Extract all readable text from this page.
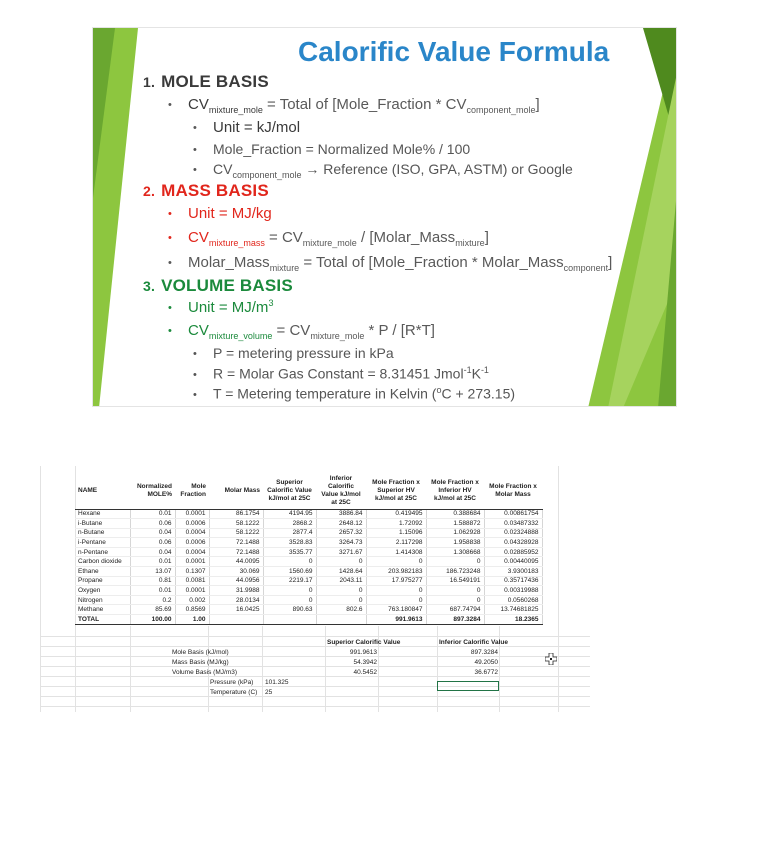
Calorific Value Formula
1. MOLE BASIS
• $CV_{mixture\_mole}$ = Total of [Mole_Fraction * $CV_{component\_mole}$]
• Unit = kJ/mol
• Mole_Fraction = Normalized Mole% / 100
• $CV_{component\_mole}$ → Reference (ISO, GPA, ASTM) or Google
2. MASS BASIS
• Unit = MJ/kg
• $CV_{mixture\_mass} = CV_{mixture\_mole}$ / [Molar_Mass$_{mixture}$]
• Molar_Mass$_{mixture}$ = Total of [Mole_Fraction * Molar_Mass$_{component}$]
3. VOLUME BASIS
• Unit = $MJ/m^3$
• $CV_{mixture\_volume} = CV_{mixture\_mole} * P / [R*T]$
• P = metering pressure in kPa
• R = Molar Gas Constant = 8.31451 $Jmol^{-1}K^{-1}$
• T = Metering temperature in Kelvin ($^o$C + 273.15)
NAME	Normalized MOLE%	Mole Fraction	Molar Mass	Superior Calorific Value kJ/mol at 25C	Inferior Calorific Value kJ/mol at 25C	Mole Fraction x Superior HV kJ/mol at 25C	Mole Fraction x Inferior HV kJ/mol at 25C	Mole Fraction x Molar Mass
Hexane	0.01	0.0001	86.1754	4194.95	3886.84	0.419495	0.388684	0.00861754
i-Butane	0.06	0.0006	58.1222	2868.2	2648.12	1.72092	1.588872	0.03487332
n-Butane	0.04	0.0004	58.1222	2877.4	2657.32	1.15096	1.062928	0.02324888
i-Pentane	0.06	0.0006	72.1488	3528.83	3264.73	2.117298	1.958838	0.04328928
n-Pentane	0.04	0.0004	72.1488	3535.77	3271.67	1.414308	1.308668	0.02885952
Carbon dioxide	0.01	0.0001	44.0095	0	0	0	0	0.00440095
Ethane	13.07	0.1307	30.069	1560.69	1428.64	203.982183	186.723248	3.9300183
Propane	0.81	0.0081	44.0956	2219.17	2043.11	17.975277	16.549191	0.35717436
Oxygen	0.01	0.0001	31.9988	0	0	0	0	0.00319988
Nitrogen	0.2	0.002	28.0134	0	0	0	0	0.0560268
Methane	85.69	0.8569	16.0425	890.63	802.6	763.180847	687.74794	13.74681825
TOTAL	100.00	1.00				991.9613	897.3284	18.2365
Superior Calorific Value	Inferior Calorific Value
Mole Basis (kJ/mol)	991.9613	897.3284
Mass Basis (MJ/kg)	54.3942	49.2050
Volume Basis (MJ/m3)	40.5452	36.6772
Pressure (kPa) 101.325
Temperature (C) 25
